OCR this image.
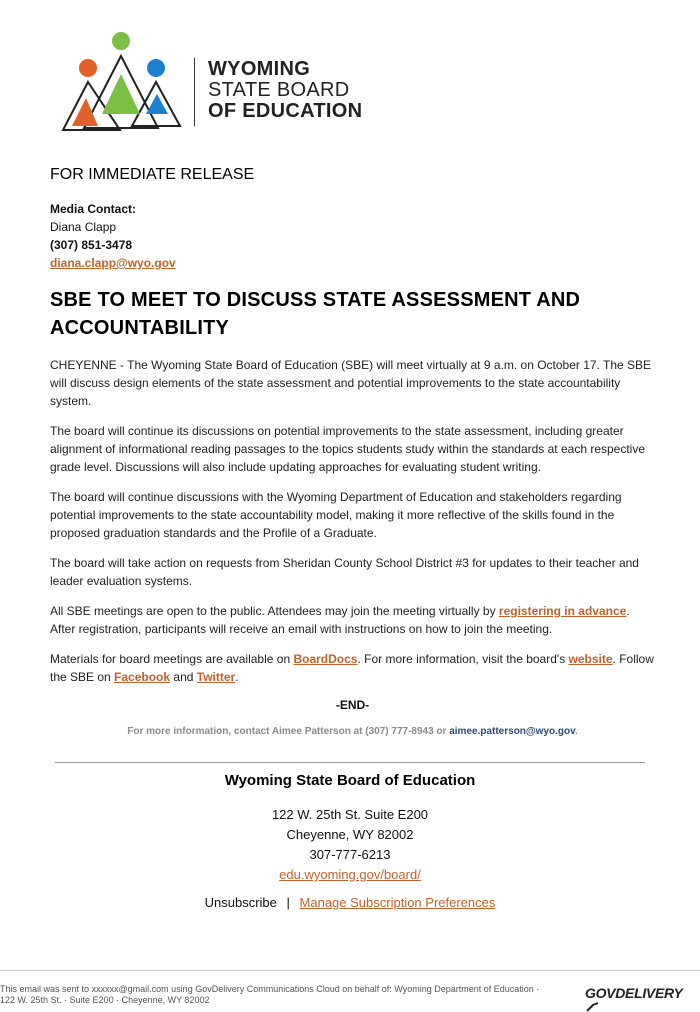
WYOMING
STATE BOARD
OF EDUCATION
FOR IMMEDIATE RELEASE
Media Contact:
Diana Clapp
(307) 851-3478
diana.clapp@wyo.gov
SBE TO MEET TO DISCUSS STATE ASSESSMENT AND ACCOUNTABILITY

CHEYENNE - The Wyoming State Board of Education (SBE) will meet virtually at 9 a.m. on October 17. The SBE will discuss design elements of the state assessment and potential improvements to the state accountability system.

The board will continue its discussions on potential improvements to the state assessment, including greater alignment of informational reading passages to the topics students study within the standards at each respective grade level. Discussions will also include updating approaches for evaluating student writing.

The board will continue discussions with the Wyoming Department of Education and stakeholders regarding potential improvements to the state accountability model, making it more reflective of the skills found in the proposed graduation standards and the Profile of a Graduate.

The board will take action on requests from Sheridan County School District #3 for updates to their teacher and leader evaluation systems.

All SBE meetings are open to the public. Attendees may join the meeting virtually by registering in advance. After registration, participants will receive an email with instructions on how to join the meeting.

Materials for board meetings are available on BoardDocs. For more information, visit the board's website. Follow the SBE on Facebook and Twitter.

-END-
For more information, contact Aimee Patterson at (307) 777-8943 or aimee.patterson@wyo.gov.
Wyoming State Board of Education
122 W. 25th St. Suite E200
Cheyenne, WY 82002
307-777-6213
edu.wyoming.gov/board/
Unsubscribe | Manage Subscription Preferences
This email was sent to xxxxxx@gmail.com using GovDelivery Communications Cloud on behalf of: Wyoming Department of Education · 122 W. 25th St. · Suite E200 · Cheyenne, WY 82002	GOVDELIVERY
